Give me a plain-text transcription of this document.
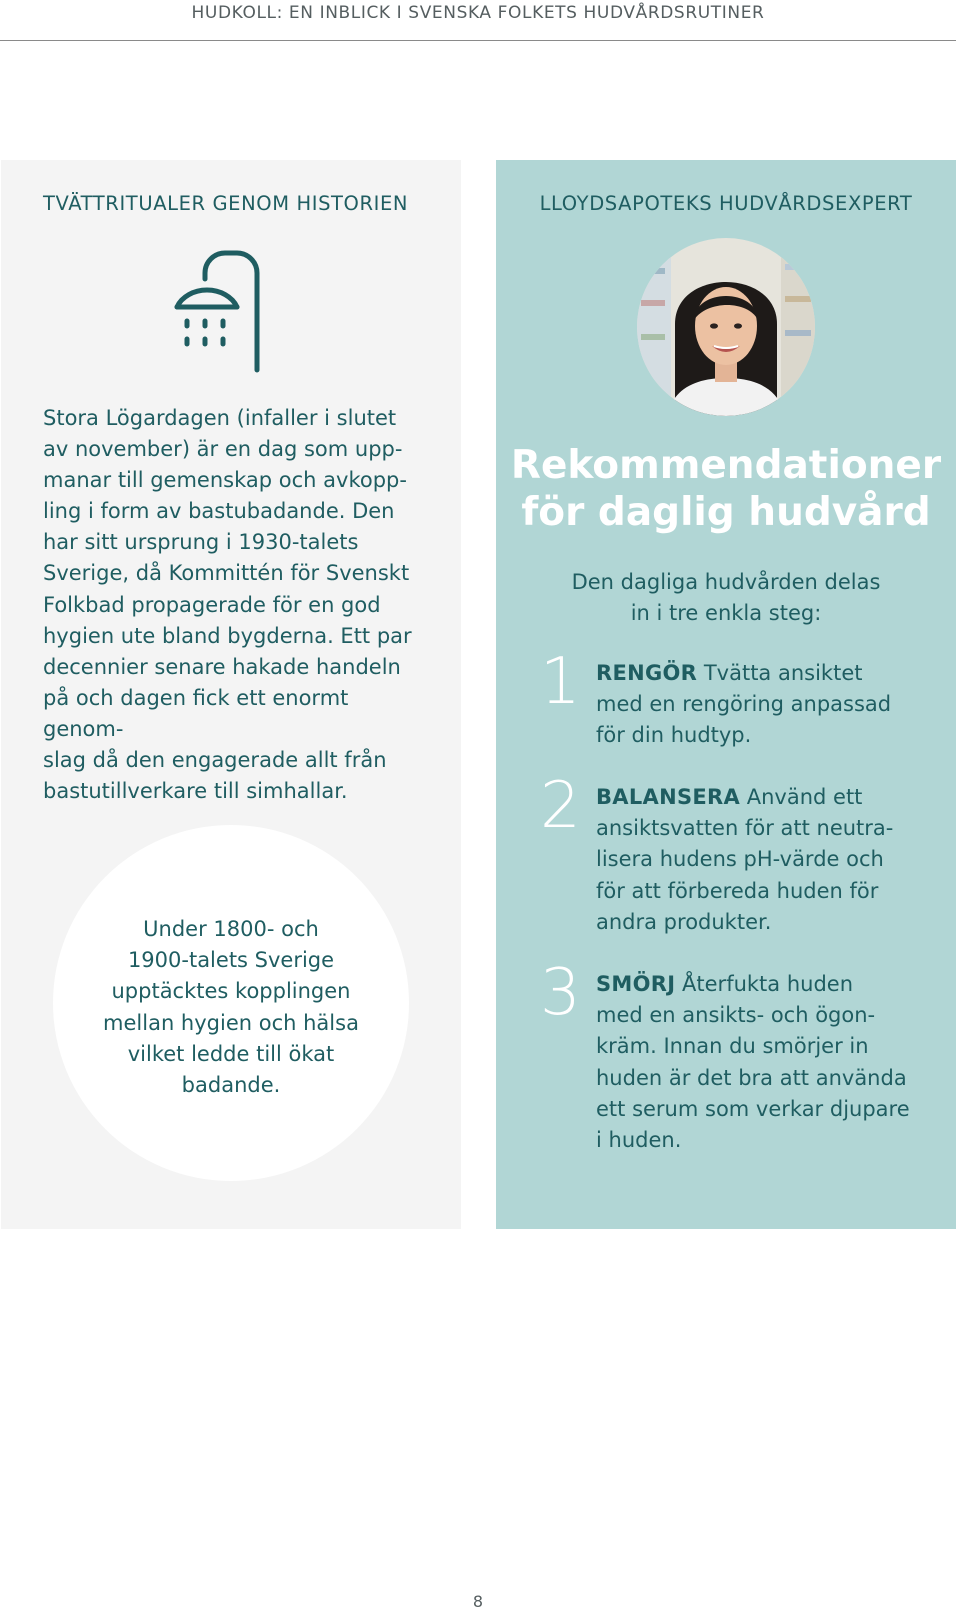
HUDKOLL: EN INBLICK I SVENSKA FOLKETS HUDVÅRDSRUTINER
TVÄTTRITUALER GENOM HISTORIEN
Stora Lögardagen (infaller i slutet
av november) är en dag som upp-
manar till gemenskap och avkopp-
ling i form av bastubadande. Den
har sitt ursprung i 1930-talets
Sverige, då Kommittén för Svenskt
Folkbad propagerade för en god
hygien ute bland bygderna. Ett par
decennier senare hakade handeln
på och dagen fick ett enormt genom-
slag då den engagerade allt från
bastutillverkare till simhallar.
Under 1800- och
1900-talets Sverige
upptäcktes kopplingen
mellan hygien och hälsa
vilket ledde till ökat
badande.
LLOYDSAPOTEKS HUDVÅRDSEXPERT
Rekommendationer
för daglig hudvård
Den dagliga hudvården delas
in i tre enkla steg:
1 RENGÖR Tvätta ansiktet
med en rengöring anpassad
för din hudtyp.
2 BALANSERA Använd ett
ansiktsvatten för att neutra-
lisera hudens pH-värde och
för att förbereda huden för
andra produkter.
3 SMÖRJ Återfukta huden
med en ansikts- och ögon-
kräm. Innan du smörjer in
huden är det bra att använda
ett serum som verkar djupare
i huden.
8
